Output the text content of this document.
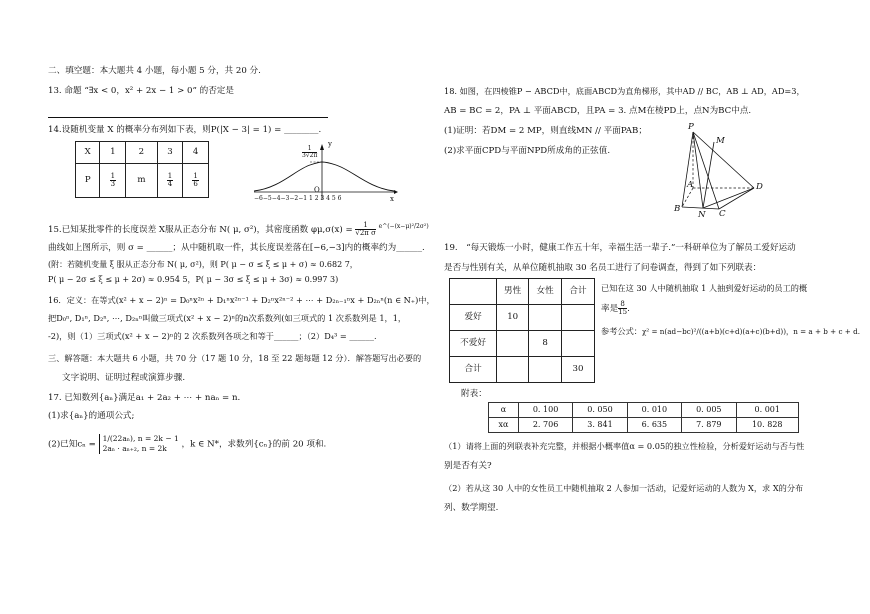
二、填空题：本大题共 4 小题，每小题 5 分，共 20 分.
13. 命题 “∃x < 0，x² + 2x − 1 > 0” 的否定是
14.设随机变量 X 的概率分布列如下表，则P(|X − 3| = 1) = ________.
X	1	2	3	4
P	$\frac{1}{3}$	m	$\frac{1}{4}$	$\frac{1}{6}$
y
$\frac{1}{3√2\pi}$
O
−6−5−4−3−2−1 1 2 3 4 5 6	x
15.已知某批零件的长度误差 X服从正态分布 N( μ, σ²)，其密度函数 $\varphi\mu,\sigma(x) = \frac{1}{\text{√2π σ}} ^{e\^{}(-(x-\mu)^2/2\sigma^2)}$
曲线如上图所示，则 σ = ______；从中随机取一件，其长度误差落在[−6,−3]内的概率约为______.
(附：若随机变量 ξ 服从正态分布 N( μ, σ²)，则 P( μ − σ ≤ ξ ≤ μ + σ) ≈ 0.682 7，
P( μ − 2σ ≤ ξ ≤ μ + 2σ) ≈ 0.954 5，P( μ − 3σ ≤ ξ ≤ μ + 3σ) ≈ 0.997 3)
16．定义：在等式(x² + x − 2)ⁿ = D₀ⁿx²ⁿ + D₁ⁿx²ⁿ⁻¹ + D₂ⁿx²ⁿ⁻² + ⋯ + D₂ₙ₋₁ⁿx + D₂ₙⁿ(n ∈ N₊)中，
把D₀ⁿ, D₁ⁿ, D₂ⁿ, ⋯, D₂ₙⁿ叫做三项式(x² + x − 2)ⁿ的n次系数列(如三项式的 1 次系数列是 1，1，
-2)，则（1）三项式(x² + x − 2)ⁿ的 2 次系数列各项之和等于______；（2）D₄³ = ______.
三、解答题：本大题共 6 小题，共 70 分（17 题 10 分，18 至 22 题每题 12 分）．解答题写出必要的
文字说明、证明过程或演算步骤.
17. 已知数列{aₙ}满足a₁ + 2a₂ + ⋯ + naₙ = n.
(1)求{aₙ}的通项公式;
(2)已知cₙ =
1/(22aₙ), n = 2k − 1
2aₙ · aₙ₊₂, n = 2k	，k ∈ N*，求数列{cₙ}的前 20 项和.
18. 如图，在四棱锥P − ABCD中，底面ABCD为直角梯形，其中AD // BC，AB ⊥ AD，AD=3，
AB = BC = 2，PA ⊥ 平面ABCD，且PA = 3. 点M在棱PD上，点N为BC中点.
(1)证明：若DM = 2 MP，则直线MN // 平面PAB；
(2)求平面CPD与平面NPD所成角的正弦值.
P
M
A	D
B
N C
19.　“每天锻炼一小时，健康工作五十年，幸福生活一辈子.”一科研单位为了解员工爱好运动
是否与性别有关，从单位随机抽取 30 名员工进行了问卷调查，得到了如下列联表：
	男性	女性	合计
爱好	10		
不爱好		8	
合计			30
已知在这 30 人中随机抽取 1 人抽到爱好运动的员工的概
率是 $\frac{8}{15}$ .
参考公式：χ² = n(ad−bc)²/((a+b)(c+d)(a+c)(b+d))，n = a + b + c + d.
附表：
α	0. 100	0. 050	0. 010	0. 005	0. 001
xα	2. 706	3. 841	6. 635	7. 879	10. 828
（1）请将上面的列联表补充完整，并根据小概率值α = 0.05的独立性检验，分析爱好运动与否与性
别是否有关?
（2）若从这 30 人中的女性员工中随机抽取 2 人参加一活动，记爱好运动的人数为 X，求 X的分布
列、数学期望.
